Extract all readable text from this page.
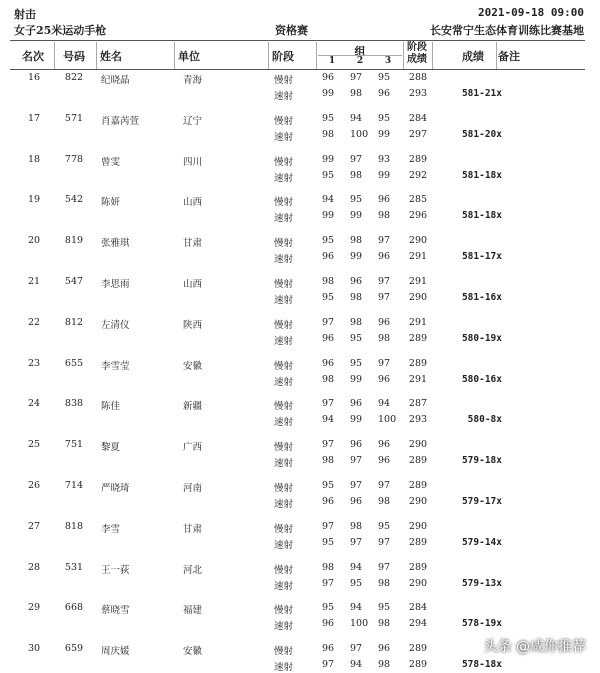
射击	2021-09-18 09:00
女子25米运动手枪	资格赛	长安常宁生态体育训练比赛基地
名次	号码	姓名	单位	阶段	组
1	2	3
阶段成绩	成绩	备注
16	822	纪晓晶	青海	慢射	96	97	95	288
速射	99	98	96	293	581-21x
17	571	肖嘉芮萱	辽宁	慢射	95	94	95	284
速射	98	100	99	297	581-20x
18	778	曾雯	四川	慢射	99	97	93	289
速射	95	98	99	292	581-18x
19	542	陈妍	山西	慢射	94	95	96	285
速射	99	99	98	296	581-18x
20	819	张雅琪	甘肃	慢射	95	98	97	290
速射	96	99	96	291	581-17x
21	547	李思雨	山西	慢射	98	96	97	291
速射	95	98	97	290	581-16x
22	812	左清仪	陕西	慢射	97	98	96	291
速射	96	95	98	289	580-19x
23	655	李雪莹	安徽	慢射	96	95	97	289
速射	98	99	96	291	580-16x
24	838	陈佳	新疆	慢射	97	96	94	287
速射	94	99	100	293	580-8x
25	751	黎夏	广西	慢射	97	96	96	290
速射	98	97	96	289	579-18x
26	714	严晓琦	河南	慢射	95	97	97	289
速射	96	96	98	290	579-17x
27	818	李雪	甘肃	慢射	97	98	95	290
速射	95	97	97	289	579-14x
28	531	王一荻	河北	慢射	98	94	97	289
速射	97	95	98	290	579-13x
29	668	蔡晓雪	福建	慢射	95	94	95	284
速射	96	100	98	294	578-19x
30	659	周庆媛	安徽	慢射	96	97	96	289
速射	97	94	98	289	578-18x
头条 @咸你推荐
